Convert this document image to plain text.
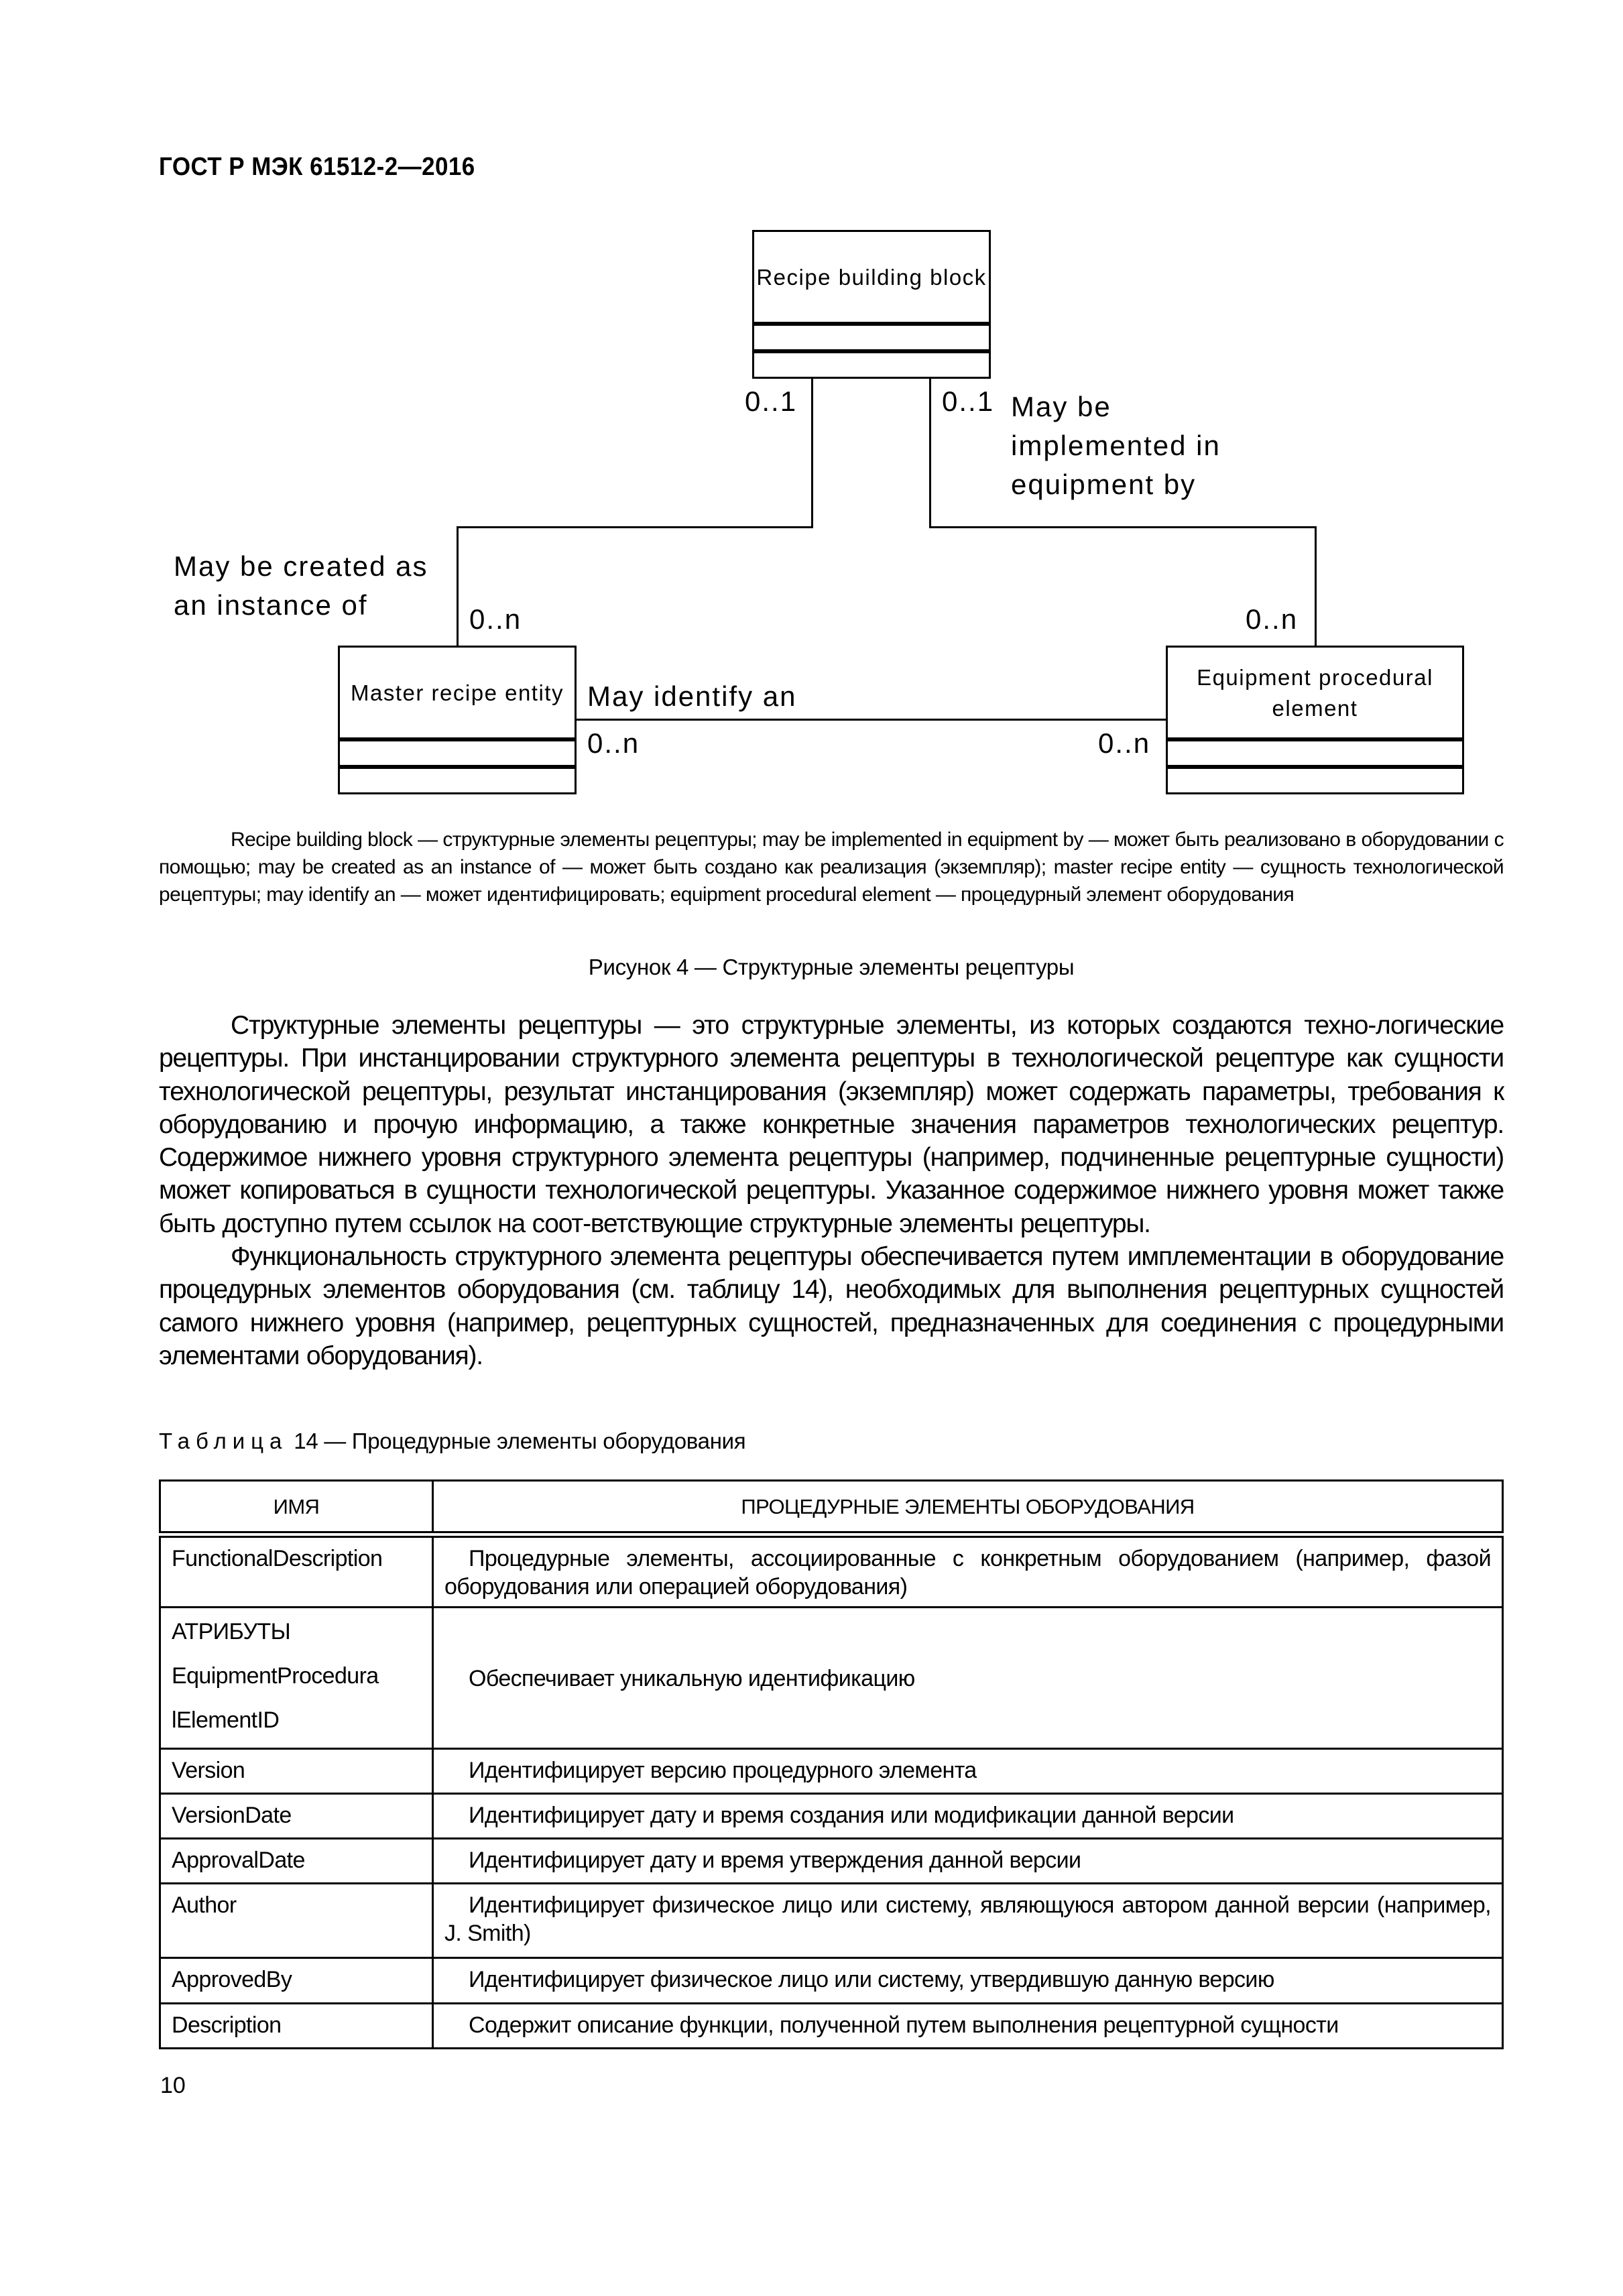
ГОСТ Р МЭК 61512-2—2016
Recipe building block
Master recipe entity
Equipment procedural element
0..1	0..1
0..n	0..n
0..n	0..n
May be
implemented in
equipment by
May be created as
an instance of
May identify an

Recipe building block — структурные элементы рецептуры; may be implemented in equipment by — может быть реализовано в оборудовании с помощью; may be created as an instance of — может быть создано как реализация (экземпляр); master recipe entity — сущность технологической рецептуры; may identify an — может идентифицировать; equipment procedural element — процедурный элемент оборудования

Рисунок 4 — Структурные элементы рецептуры

Структурные элементы рецептуры — это структурные элементы, из которых создаются техно-логические рецептуры. При инстанцировании структурного элемента рецептуры в технологической рецептуре как сущности технологической рецептуры, результат инстанцирования (экземпляр) может содержать параметры, требования к оборудованию и прочую информацию, а также конкретные значения параметров технологических рецептур. Содержимое нижнего уровня структурного элемента рецептуры (например, подчиненные рецептурные сущности) может копироваться в сущности технологической рецептуры. Указанное содержимое нижнего уровня может также быть доступно путем ссылок на соот-ветствующие структурные элементы рецептуры.

Функциональность структурного элемента рецептуры обеспечивается путем имплементации в оборудование процедурных элементов оборудования (см. таблицу 14), необходимых для выполнения рецептурных сущностей самого нижнего уровня (например, рецептурных сущностей, предназначенных для соединения с процедурными элементами оборудования).

Таблица 14 — Процедурные элементы оборудования
ИМЯ	ПРОЦЕДУРНЫЕ ЭЛЕМЕНТЫ ОБОРУДОВАНИЯ
FunctionalDescription	Процедурные элементы, ассоциированные с конкретным оборудованием (например, фазой оборудования или операцией оборудования)

АТРИБУТЫ
EquipmentProcedura
lElementID	Обеспечивает уникальную идентификацию
Version	Идентифицирует версию процедурного элемента
VersionDate	Идентифицирует дату и время создания или модификации данной версии
ApprovalDate	Идентифицирует дату и время утверждения данной версии
Author	Идентифицирует физическое лицо или систему, являющуюся автором данной версии (например, J. Smith)
ApprovedBy	Идентифицирует физическое лицо или систему, утвердившую данную версию
Description	Содержит описание функции, полученной путем выполнения рецептурной сущности
10
